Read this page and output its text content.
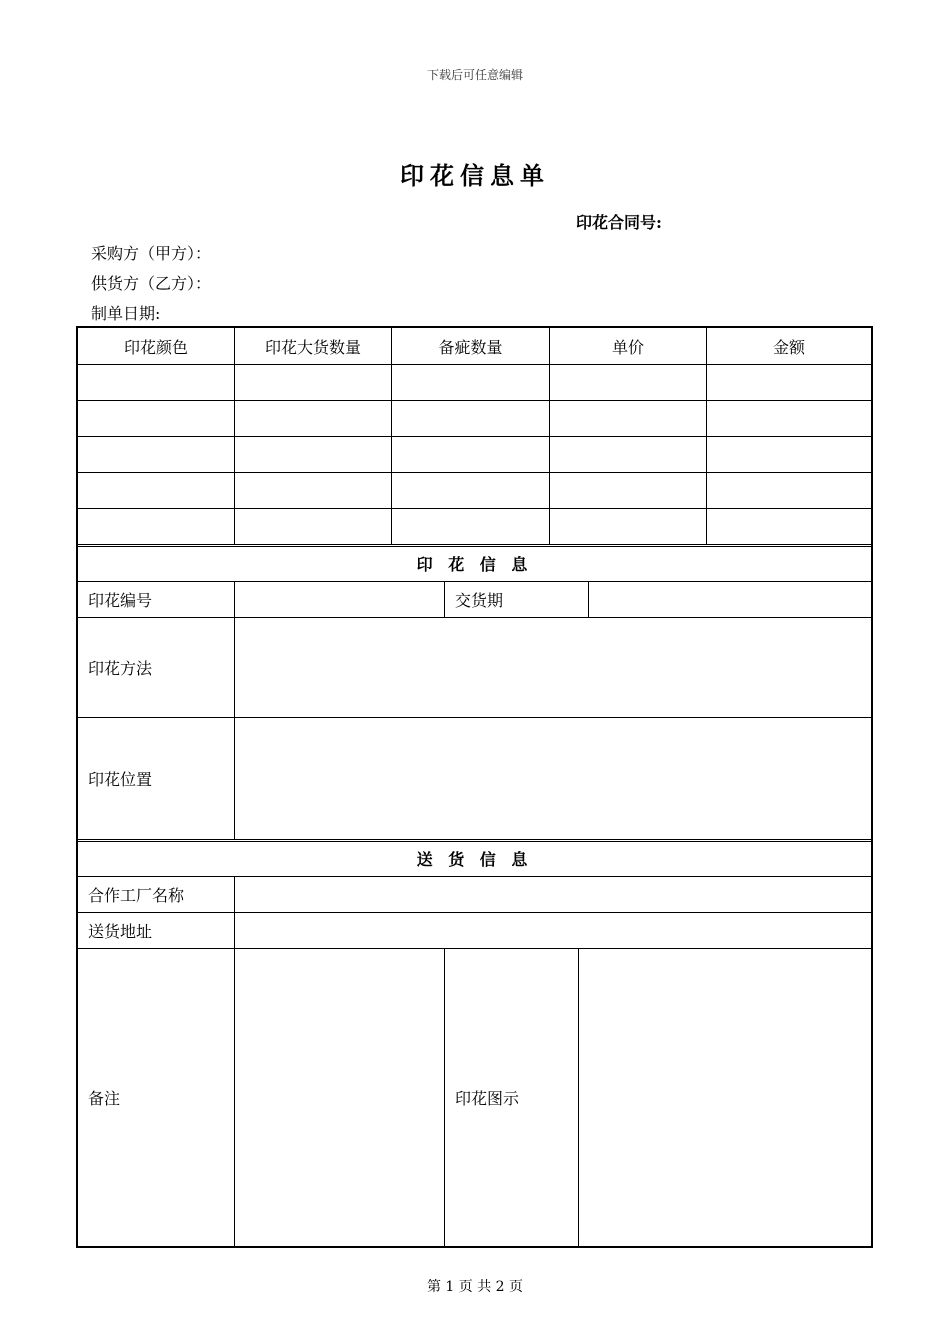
下载后可任意编辑
印花信息单
印花合同号:
采购方（甲方）：
供货方（乙方）：
制单日期:
印花颜色	印花大货数量	备疵数量	单价	金额
印 花 信 息
印花编号	交货期
印花方法
印花位置
送 货 信 息
合作工厂名称
送货地址
备注	印花图示
第 1 页 共 2 页
